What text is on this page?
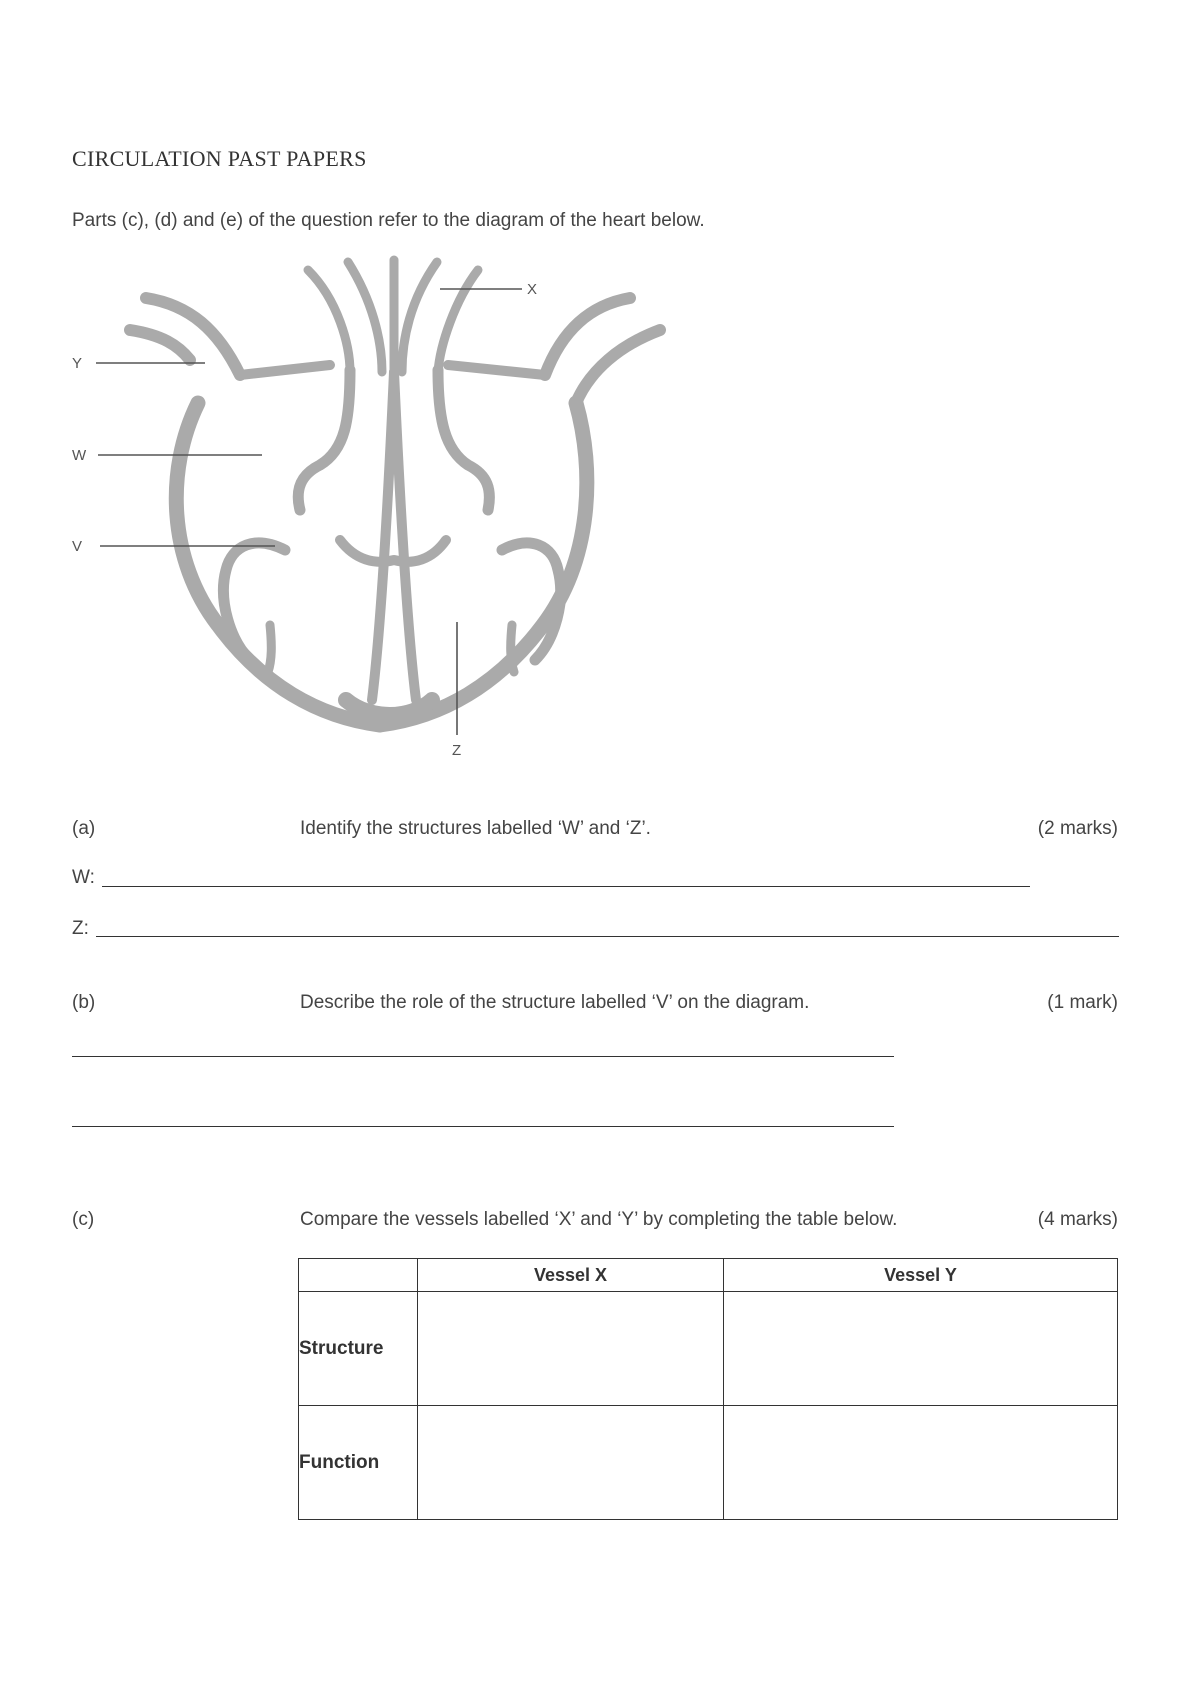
CIRCULATION PAST PAPERS
Parts (c), (d) and (e) of the question refer to the diagram of the heart below.
X
Y
W
V
Z
(a)	Identify the structures labelled ‘W’ and ‘Z’.	(2 marks)
W:
Z:
(b)	Describe the role of the structure labelled ‘V’ on the diagram.	(1 mark)
(c)	Compare the vessels labelled ‘X’ and ‘Y’ by completing the table below.	(4 marks)
	Vessel X	Vessel Y
Structure		
Function		
